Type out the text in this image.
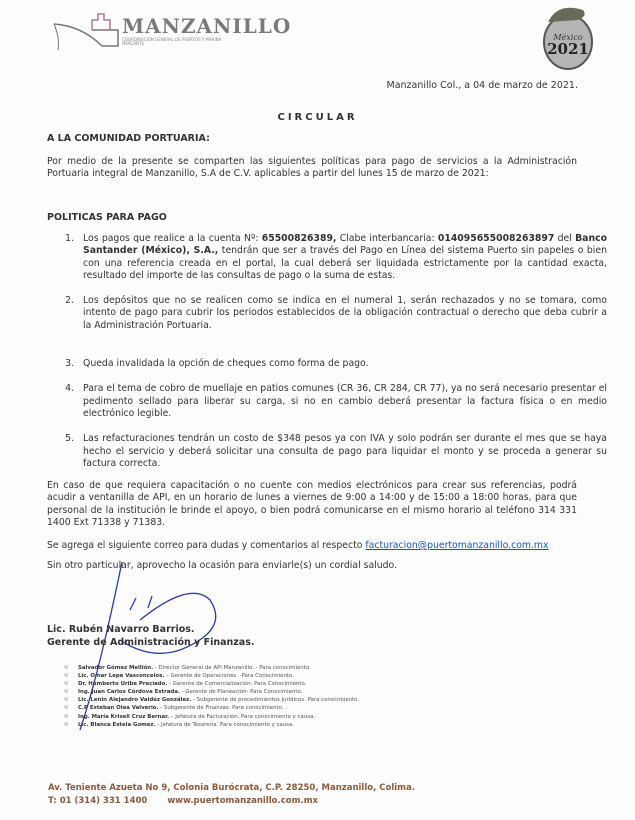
MANZANILLO
COORDINACIÓN GENERAL DE PUERTOS Y MARINA MERCANTE
México
2021
Manzanillo Col., a 04 de marzo de 2021.
CIRCULAR
A LA COMUNIDAD PORTUARIA:
Por medio de la presente se comparten las siguientes políticas para pago de servicios a la Administración Portuaria integral de Manzanillo, S.A de C.V. aplicables a partir del lunes 15 de marzo de 2021:
POLITICAS PARA PAGO
1. Los pagos que realice a la cuenta Nº: 65500826389, Clabe interbancaria: 014095655008263897 del Banco Santander (México), S.A., tendrán que ser a través del Pago en Línea del sistema Puerto sin papeles o bien con una referencia creada en el portal, la cual deberá ser liquidada estrictamente por la cantidad exacta, resultado del importe de las consultas de pago o la suma de estas.
2. Los depósitos que no se realicen como se indica en el numeral 1, serán rechazados y no se tomara, como intento de pago para cubrir los periodos establecidos de la obligación contractual o derecho que deba cubrir a la Administración Portuaria.
3. Queda invalidada la opción de cheques como forma de pago.
4. Para el tema de cobro de muellaje en patios comunes (CR 36, CR 284, CR 77), ya no será necesario presentar el pedimento sellado para liberar su carga, si no en cambio deberá presentar la factura física o en medio electrónico legible.
5. Las refacturaciones tendrán un costo de $348 pesos ya con IVA y solo podrán ser durante el mes que se haya hecho el servicio y deberá solicitar una consulta de pago para liquidar el monto y se proceda a generar su factura correcta.
En caso de que requiera capacitación o no cuente con medios electrónicos para crear sus referencias, podrá acudir a ventanilla de API, en un horario de lunes a viernes de 9:00 a 14:00 y de 15:00 a 18:00 horas, para que personal de la institución le brinde el apoyo, o bien podrá comunicarse en el mismo horario al teléfono 314 331 1400 Ext 71338 y 71383.
Se agrega el siguiente correo para dudas y comentarios al respecto facturacion@puertomanzanillo.com.mx
Sin otro particular, aprovecho la ocasión para enviarle(s) un cordial saludo.
Lic. Rubén Navarro Barrios.
Gerente de Administración y Finanzas.
✉ Salvador Gómez Mellión. - Director General de API Manzanillo. - Para conocimiento.
✉ Lic. Omar Lepe Vasconcelos. – Gerente de Operaciones. -Para Conocimiento.
✉ Dr. Humberto Uribe Preciado. - Gerente de Comercialización- Para Conocimiento.
✉ Ing. Juan Carlos Córdova Estrada. - Gerente de Planeación- Para Conocimiento.
✉ Lic. Lenin Alejandro Valdéz González. - Subgerente de procedimientos jurídicos. Para conocimiento.
✉ C.P Esteban Olea Valverio. - Subgerente de Finanzas. Para conocimiento.
✉ Ing. María Kriseli Cruz Bernar. – Jefatura de Facturación. Para conocimiento y causa.
✉ Lic. Blanca Estela Gomez. - Jefatura de Tesorería. Para conocimiento y causa.
Av. Teniente Azueta No 9, Colonia Burócrata, C.P. 28250, Manzanillo, Colima.
T: 01 (314) 331 1400 www.puertomanzanillo.com.mx
